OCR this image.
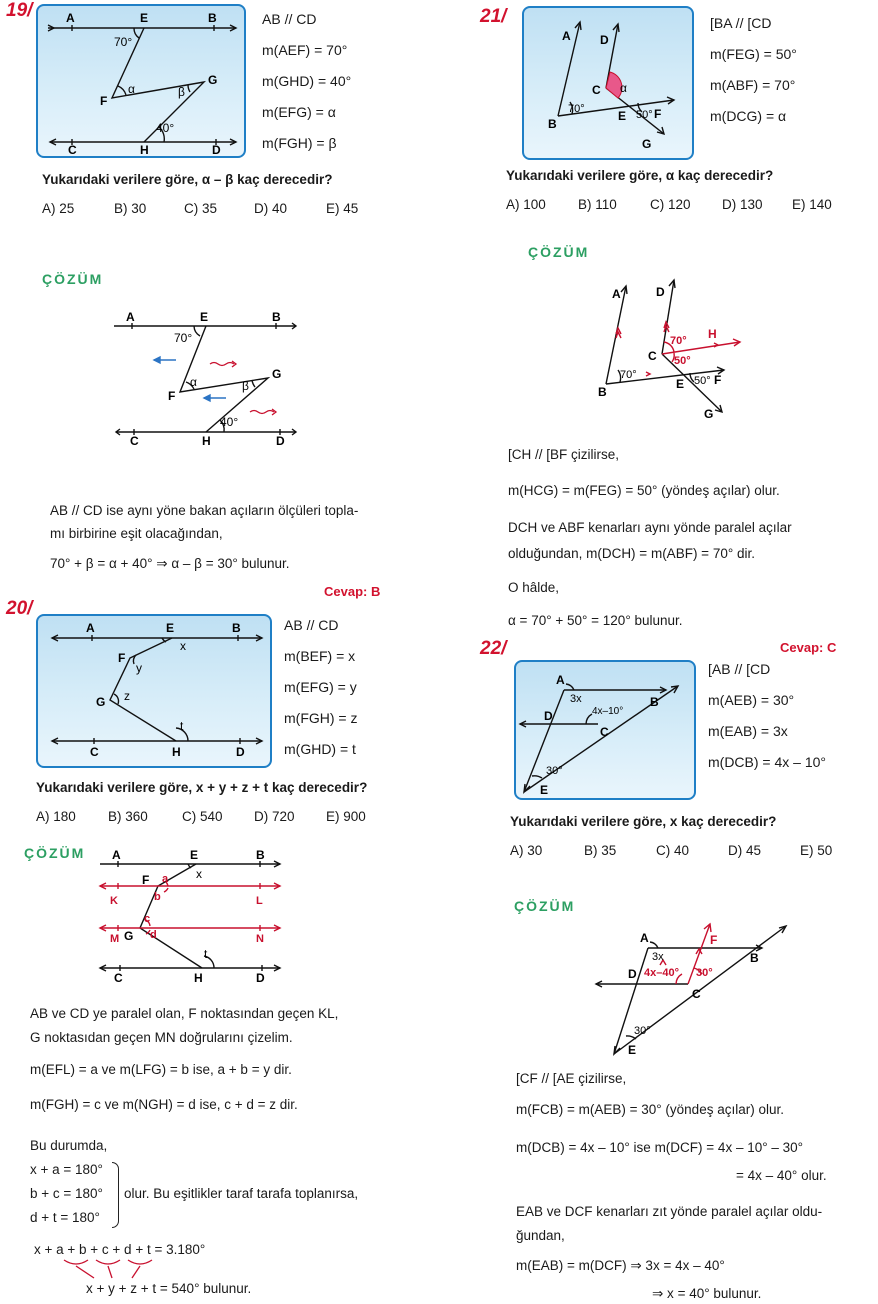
19/	A	E	B
70°
α	β
F
G
40°
C	H	D
AB // CD
m(AEF) = 70°
m(GHD) = 40°
m(EFG) = α
m(FGH) = β
Yukarıdaki verilere göre, α – β kaç derecedir?
A) 25	B) 30	C) 35	D) 40	E) 45
ÇÖZÜM
A	E	B
70°
α	β
F
G
40°
C	H	D
AB // CD ise aynı yöne bakan açıların ölçüleri topla-
mı birbirine eşit olacağından,
70° + β = α + 40° ⇒ α – β = 30° bulunur.
Cevap: B
20/
A	E	B
x
F
y
G z
t
C	H	D
AB // CD
m(BEF) = x
m(EFG) = y
m(FGH) = z
m(GHD) = t
Yukarıdaki verilere göre, x + y + z + t kaç derecedir?
A) 180	B) 360	C) 540	D) 720	E) 900
ÇÖZÜM A	E	B
x
F a
b
K	L
c
M G d	N
t
C	H	D
AB ve CD ye paralel olan, F noktasından geçen KL,
G noktasıdan geçen MN doğrularını çizelim.
m(EFL) = a ve m(LFG) = b ise, a + b = y dir.
m(FGH) = c ve m(NGH) = d ise, c + d = z dir.
Bu durumda,
x + a = 180°
b + c = 180°
d + t = 180°
olur. Bu eşitlikler taraf tarafa toplanırsa,
x + a + b + c + d + t = 3.180°
x + y + z + t = 540° bulunur.
21/
A D
C α
70°
B
E 50° F
G
[BA // [CD
m(FEG) = 50°
m(ABF) = 70°
m(DCG) = α
Yukarıdaki verilere göre, α kaç derecedir?
A) 100	B) 110	C) 120	D) 130	E) 140
ÇÖZÜM
A	D
70° H
C 50°
70°
B
E 50° F
G
[CH // [BF çizilirse,
m(HCG) = m(FEG) = 50° (yöndeş açılar) olur.
DCH ve ABF kenarları aynı yönde paralel açılar
olduğundan, m(DCH) = m(ABF) = 70° dir.
O hâlde,
α = 70° + 50° = 120° bulunur.
Cevap: C
22/
A
3x	B
4x–10°
D
C
30°
E
[AB // [CD
m(AEB) = 30°
m(EAB) = 3x
m(DCB) = 4x – 10°
Yukarıdaki verilere göre, x kaç derecedir?
A) 30	B) 35	C) 40	D) 45	E) 50
ÇÖZÜM
A
3x
F
B
D 4x–40° 30°
C
30°
E
[CF // [AE çizilirse,
m(FCB) = m(AEB) = 30° (yöndeş açılar) olur.
m(DCB) = 4x – 10° ise m(DCF) = 4x – 10° – 30°
= 4x – 40° olur.
EAB ve DCF kenarları zıt yönde paralel açılar oldu-
ğundan,
m(EAB) = m(DCF) ⇒ 3x = 4x – 40°
⇒ x = 40° bulunur.
